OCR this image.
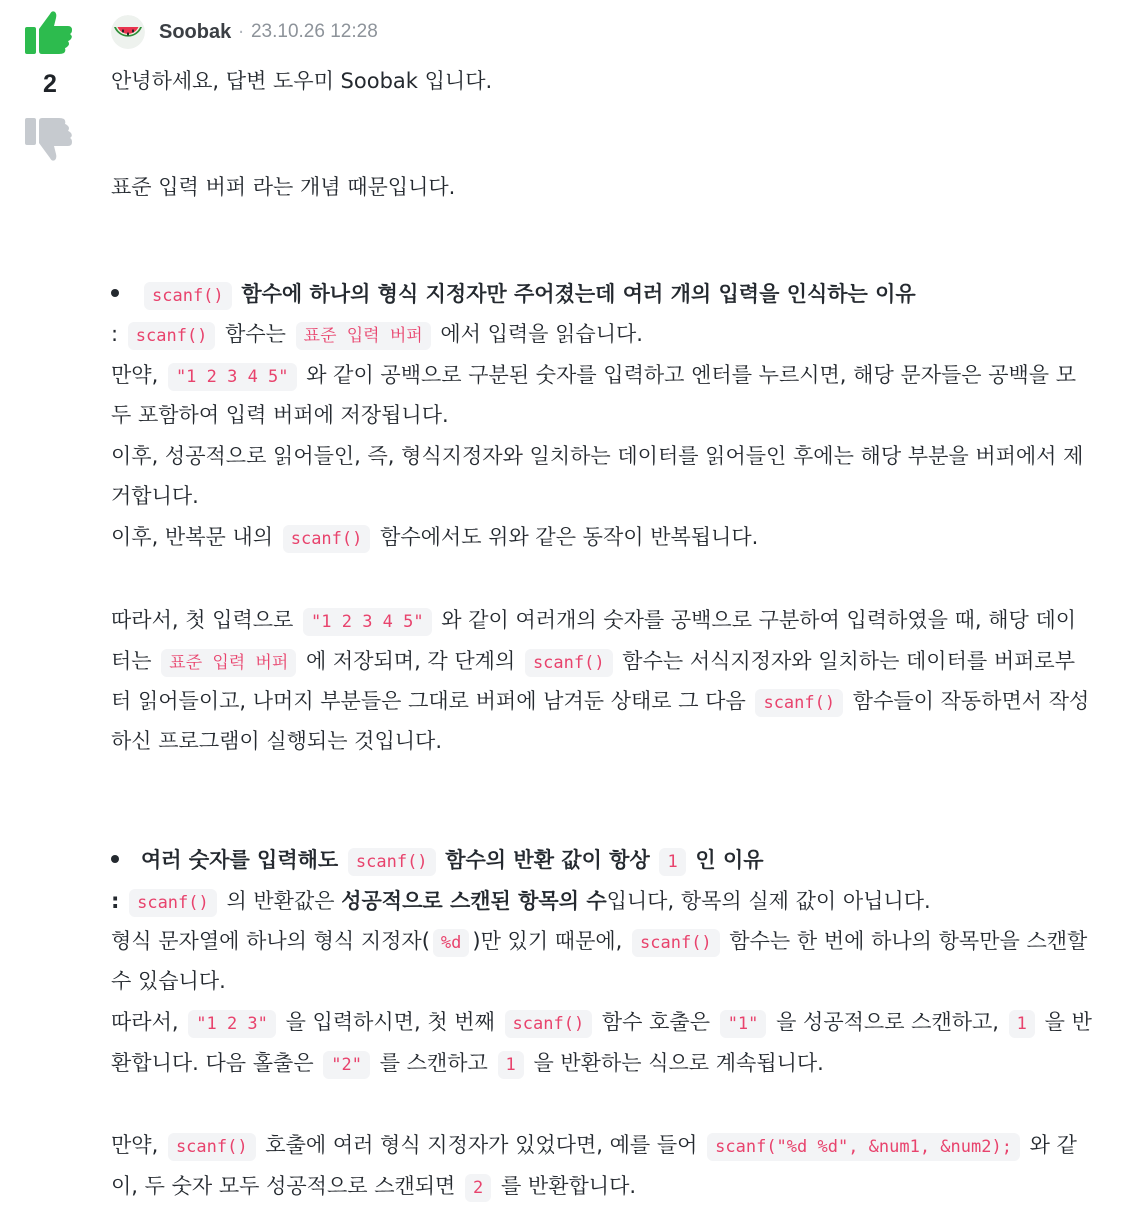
2
Soobak · 23.10.26 12:28
안녕하세요, 답변 도우미 Soobak 입니다.
표준 입력 버퍼 라는 개념 때문입니다.
scanf() 함수에 하나의 형식 지정자만 주어졌는데 여러 개의 입력을 인식하는 이유
: scanf() 함수는 표준 입력 버퍼 에서 입력을 읽습니다.
만약, "1 2 3 4 5" 와 같이 공백으로 구분된 숫자를 입력하고 엔터를 누르시면, 해당 문자들은 공백을 모
두 포함하여 입력 버퍼에 저장됩니다.
이후, 성공적으로 읽어들인, 즉, 형식지정자와 일치하는 데이터를 읽어들인 후에는 해당 부분을 버퍼에서 제
거합니다.
이후, 반복문 내의 scanf() 함수에서도 위와 같은 동작이 반복됩니다.
따라서, 첫 입력으로 "1 2 3 4 5" 와 같이 여러개의 숫자를 공백으로 구분하여 입력하였을 때, 해당 데이
터는 표준 입력 버퍼 에 저장되며, 각 단계의 scanf() 함수는 서식지정자와 일치하는 데이터를 버퍼로부
터 읽어들이고, 나머지 부분들은 그대로 버퍼에 남겨둔 상태로 그 다음 scanf() 함수들이 작동하면서 작성
하신 프로그램이 실행되는 것입니다.
여러 숫자를 입력해도 scanf() 함수의 반환 값이 항상 1 인 이유
: scanf() 의 반환값은 성공적으로 스캔된 항목의 수입니다, 항목의 실제 값이 아닙니다.
형식 문자열에 하나의 형식 지정자( %d )만 있기 때문에, scanf() 함수는 한 번에 하나의 항목만을 스캔할
수 있습니다.
따라서, "1 2 3" 을 입력하시면, 첫 번째 scanf() 함수 호출은 "1" 을 성공적으로 스캔하고, 1 을 반
환합니다. 다음 홀출은 "2" 를 스캔하고 1 을 반환하는 식으로 계속됩니다.
만약, scanf() 호출에 여러 형식 지정자가 있었다면, 예를 들어 scanf("%d %d", &num1, &num2); 와 같
이, 두 숫자 모두 성공적으로 스캔되면 2 를 반환합니다.
